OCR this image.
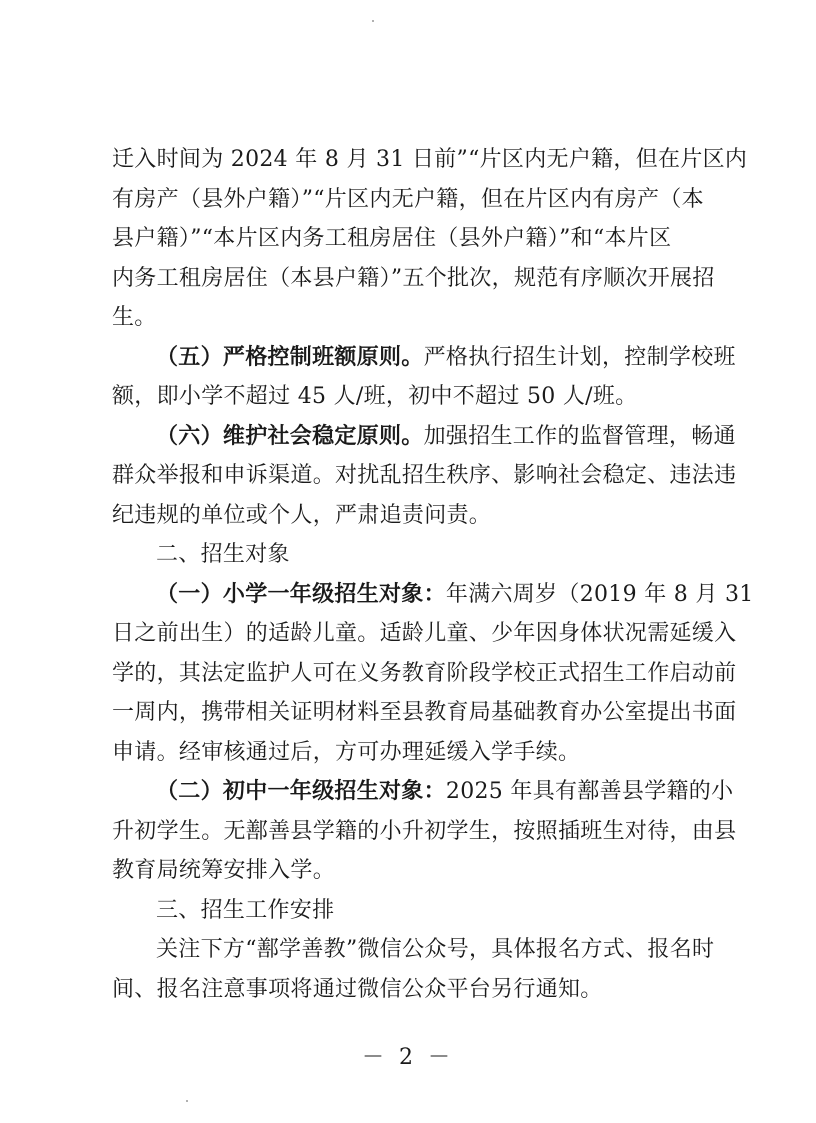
迁入时间为 2024 年 8 月 31 日前”“片区内无户籍，但在片区内
有房产（县外户籍）”“片区内无户籍，但在片区内有房产（本
县户籍）”“本片区内务工租房居住（县外户籍）”和“本片区
内务工租房居住（本县户籍）”五个批次，规范有序顺次开展招
生。
（五）严格控制班额原则。严格执行招生计划，控制学校班
额，即小学不超过 45 人/班，初中不超过 50 人/班。
（六）维护社会稳定原则。加强招生工作的监督管理，畅通
群众举报和申诉渠道。对扰乱招生秩序、影响社会稳定、违法违
纪违规的单位或个人，严肃追责问责。
二、招生对象
（一）小学一年级招生对象：年满六周岁（2019 年 8 月 31
日之前出生）的适龄儿童。适龄儿童、少年因身体状况需延缓入
学的，其法定监护人可在义务教育阶段学校正式招生工作启动前
一周内，携带相关证明材料至县教育局基础教育办公室提出书面
申请。经审核通过后，方可办理延缓入学手续。
（二）初中一年级招生对象：2025 年具有鄯善县学籍的小
升初学生。无鄯善县学籍的小升初学生，按照插班生对待，由县
教育局统筹安排入学。
三、招生工作安排
关注下方“鄯学善教”微信公众号，具体报名方式、报名时
间、报名注意事项将通过微信公众平台另行通知。
－ 2 －
